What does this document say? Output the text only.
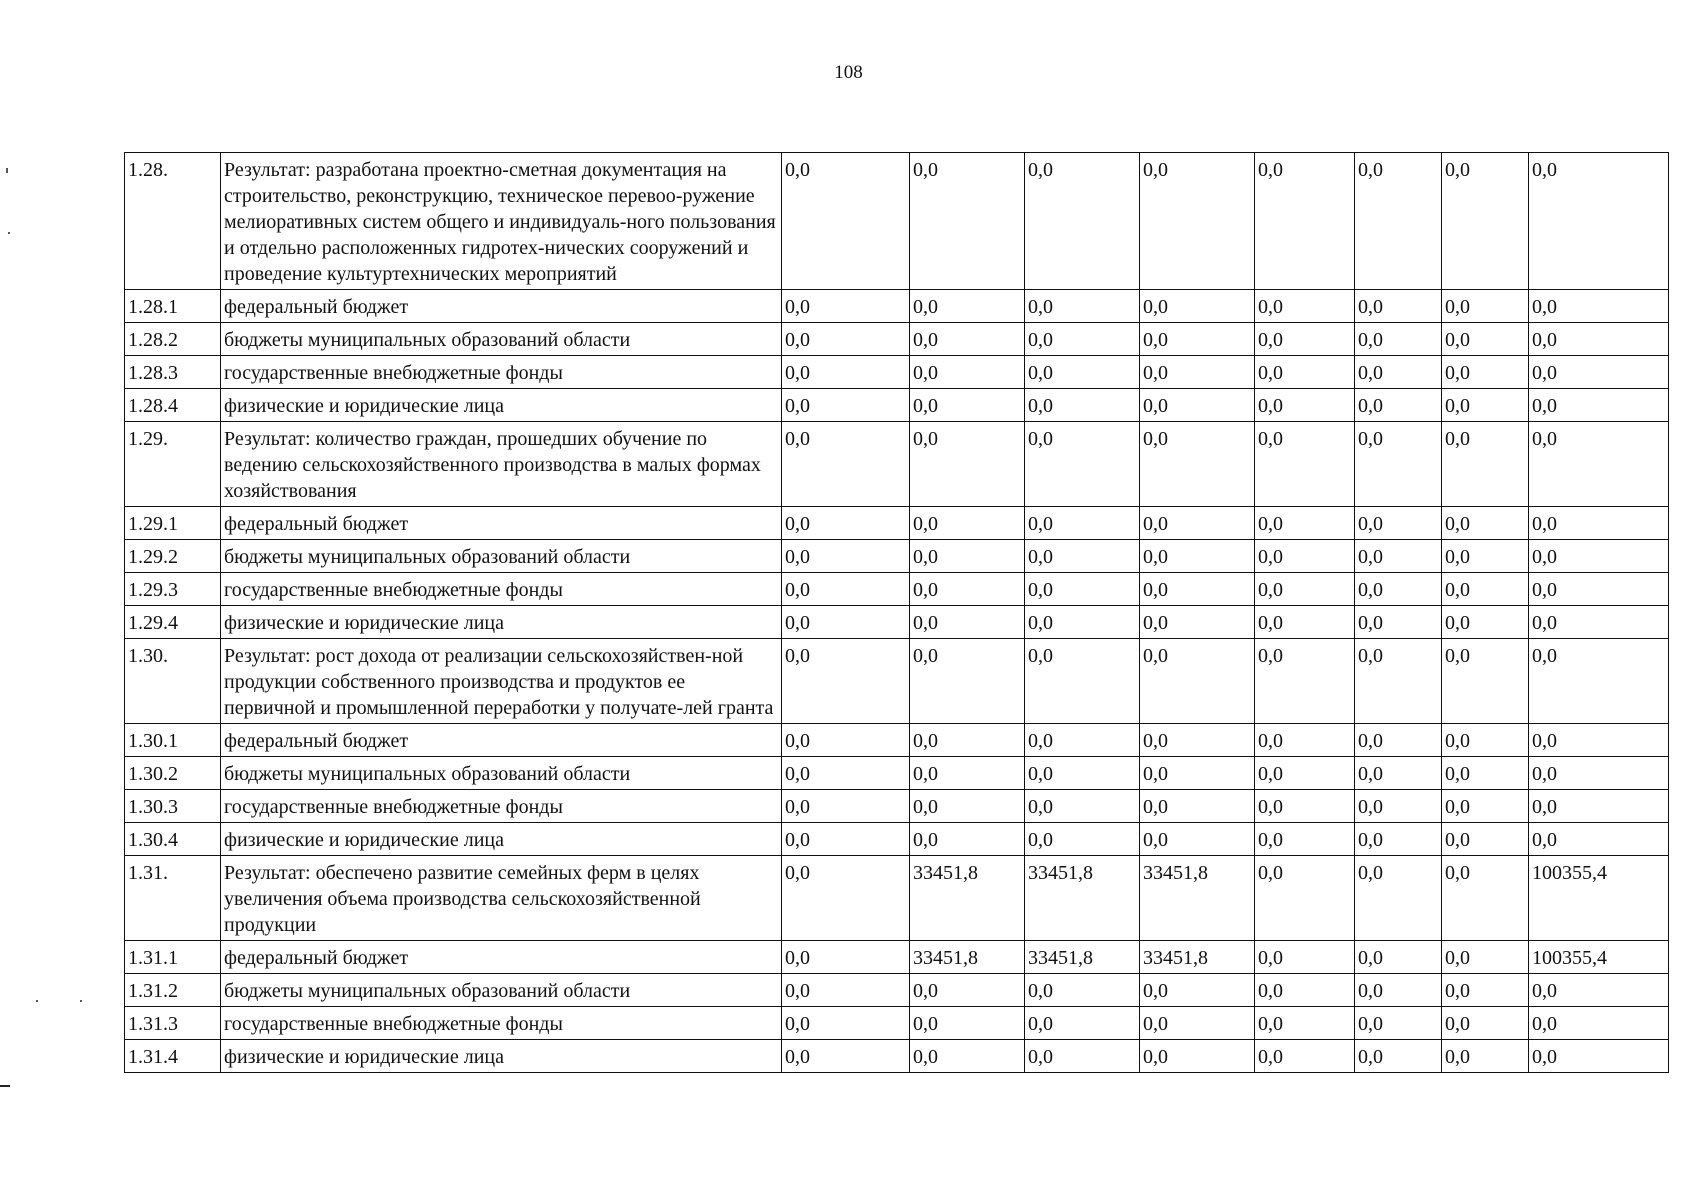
108
1.28.	Результат: разработана проектно-сметная документация на строительство, реконструкцию, техническое перевоо-ружение мелиоративных систем общего и индивидуаль-ного пользования и отдельно расположенных гидротех-нических сооружений и проведение культуртехнических мероприятий	0,0	0,0	0,0	0,0	0,0	0,0	0,0	0,0
1.28.1	федеральный бюджет	0,0	0,0	0,0	0,0	0,0	0,0	0,0	0,0
1.28.2	бюджеты муниципальных образований области	0,0	0,0	0,0	0,0	0,0	0,0	0,0	0,0
1.28.3	государственные внебюджетные фонды	0,0	0,0	0,0	0,0	0,0	0,0	0,0	0,0
1.28.4	физические и юридические лица	0,0	0,0	0,0	0,0	0,0	0,0	0,0	0,0
1.29.	Результат: количество граждан, прошедших обучение по ведению сельскохозяйственного производства в малых формах хозяйствования	0,0	0,0	0,0	0,0	0,0	0,0	0,0	0,0
1.29.1	федеральный бюджет	0,0	0,0	0,0	0,0	0,0	0,0	0,0	0,0
1.29.2	бюджеты муниципальных образований области	0,0	0,0	0,0	0,0	0,0	0,0	0,0	0,0
1.29.3	государственные внебюджетные фонды	0,0	0,0	0,0	0,0	0,0	0,0	0,0	0,0
1.29.4	физические и юридические лица	0,0	0,0	0,0	0,0	0,0	0,0	0,0	0,0
1.30.	Результат: рост дохода от реализации сельскохозяйствен-ной продукции собственного производства и продуктов ее первичной и промышленной переработки у получате-лей гранта	0,0	0,0	0,0	0,0	0,0	0,0	0,0	0,0
1.30.1	федеральный бюджет	0,0	0,0	0,0	0,0	0,0	0,0	0,0	0,0
1.30.2	бюджеты муниципальных образований области	0,0	0,0	0,0	0,0	0,0	0,0	0,0	0,0
1.30.3	государственные внебюджетные фонды	0,0	0,0	0,0	0,0	0,0	0,0	0,0	0,0
1.30.4	физические и юридические лица	0,0	0,0	0,0	0,0	0,0	0,0	0,0	0,0
1.31.	Результат: обеспечено развитие семейных ферм в целях увеличения объема производства сельскохозяйственной продукции	0,0	33451,8	33451,8	33451,8	0,0	0,0	0,0	100355,4
1.31.1	федеральный бюджет	0,0	33451,8	33451,8	33451,8	0,0	0,0	0,0	100355,4
1.31.2	бюджеты муниципальных образований области	0,0	0,0	0,0	0,0	0,0	0,0	0,0	0,0
1.31.3	государственные внебюджетные фонды	0,0	0,0	0,0	0,0	0,0	0,0	0,0	0,0
1.31.4	физические и юридические лица	0,0	0,0	0,0	0,0	0,0	0,0	0,0	0,0
